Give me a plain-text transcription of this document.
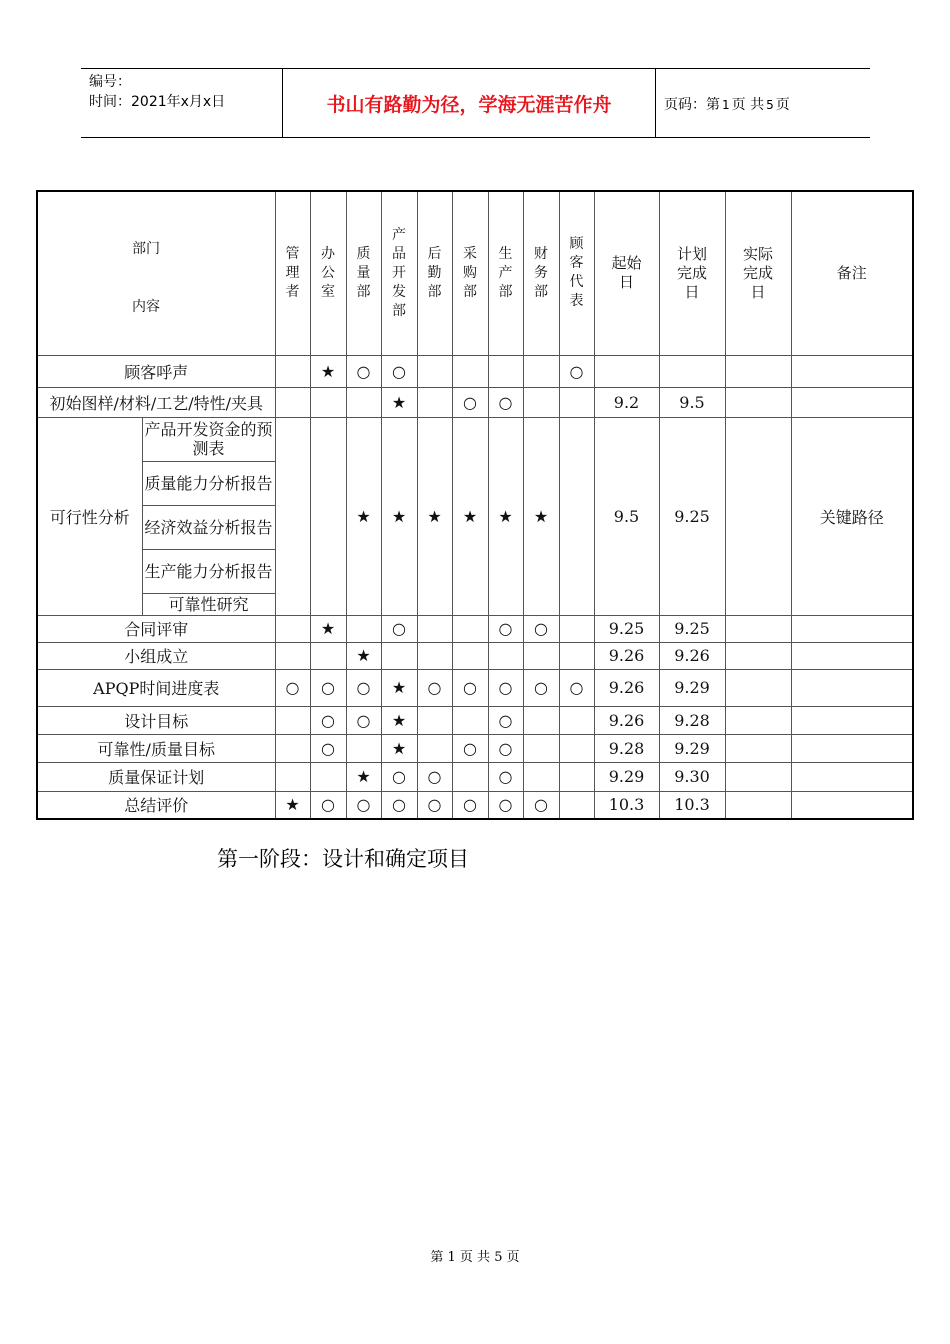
编号：
时间：2021年x月x日	书山有路勤为径，学海无涯苦作舟	页码：第 1 页 共 5 页
部门
内容		管理者	办公室	质量部	产品开发部	后勤部	采购部	生产部	财务部	顾客代表	起始日	计划完成日	实际完成日	备注
顾客呼声			★	○	○					○				
初始图样/材料/工艺/特性/夹具					★		○	○			9.2	9.5		
可行性分析	产品开发资金的预测表			★	★	★	★	★	★		9.5	9.25		关键路径
	质量能力分析报告													
	经济效益分析报告													
	生产能力分析报告													
	可靠性研究													
合同评审			★		○			○	○		9.25	9.25		
小组成立				★							9.26	9.26		
APQP时间进度表		○	○	○	★	○	○	○	○	○	9.26	9.29		
设计目标			○	○	★			○			9.26	9.28		
可靠性/质量目标			○		★		○	○			9.28	9.29		
质量保证计划				★	○	○		○			9.29	9.30		
总结评价		★	○	○	○	○	○	○	○		10.3	10.3		
第一阶段：设计和确定项目
第 1 页 共 5 页
